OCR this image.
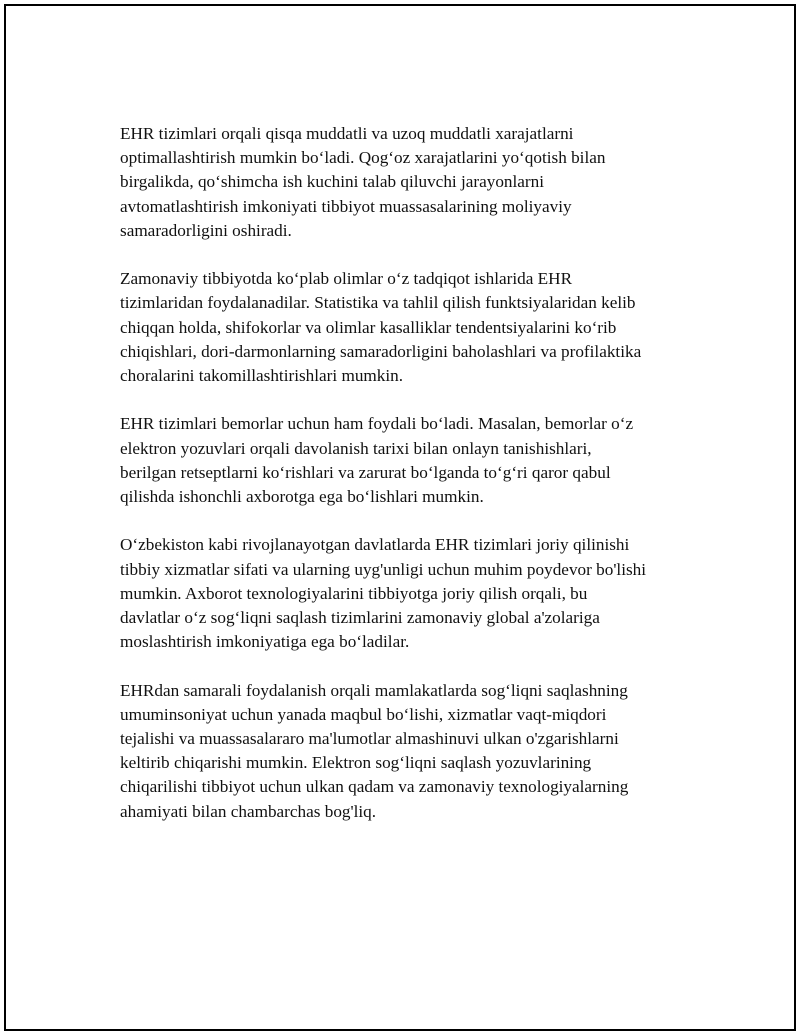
EHR tizimlari orqali qisqa muddatli va uzoq muddatli xarajatlarni
optimallashtirish mumkin bo‘ladi. Qog‘oz xarajatlarini yo‘qotish bilan
birgalikda, qo‘shimcha ish kuchini talab qiluvchi jarayonlarni
avtomatlashtirish imkoniyati tibbiyot muassasalarining moliyaviy
samaradorligini oshiradi.

Zamonaviy tibbiyotda ko‘plab olimlar o‘z tadqiqot ishlarida EHR
tizimlaridan foydalanadilar. Statistika va tahlil qilish funktsiyalaridan kelib
chiqqan holda, shifokorlar va olimlar kasalliklar tendentsiyalarini ko‘rib
chiqishlari, dori-darmonlarning samaradorligini baholashlari va profilaktika
choralarini takomillashtirishlari mumkin.

EHR tizimlari bemorlar uchun ham foydali bo‘ladi. Masalan, bemorlar o‘z
elektron yozuvlari orqali davolanish tarixi bilan onlayn tanishishlari,
berilgan retseptlarni ko‘rishlari va zarurat bo‘lganda to‘g‘ri qaror qabul
qilishda ishonchli axborotga ega bo‘lishlari mumkin.

O‘zbekiston kabi rivojlanayotgan davlatlarda EHR tizimlari joriy qilinishi
tibbiy xizmatlar sifati va ularning uyg'unligi uchun muhim poydevor bo'lishi
mumkin. Axborot texnologiyalarini tibbiyotga joriy qilish orqali, bu
davlatlar o‘z sog‘liqni saqlash tizimlarini zamonaviy global a'zolariga
moslashtirish imkoniyatiga ega bo‘ladilar.

EHRdan samarali foydalanish orqali mamlakatlarda sog‘liqni saqlashning
umuminsoniyat uchun yanada maqbul bo‘lishi, xizmatlar vaqt-miqdori
tejalishi va muassasalararo ma'lumotlar almashinuvi ulkan o'zgarishlarni
keltirib chiqarishi mumkin. Elektron sog‘liqni saqlash yozuvlarining
chiqarilishi tibbiyot uchun ulkan qadam va zamonaviy texnologiyalarning
ahamiyati bilan chambarchas bog'liq.
